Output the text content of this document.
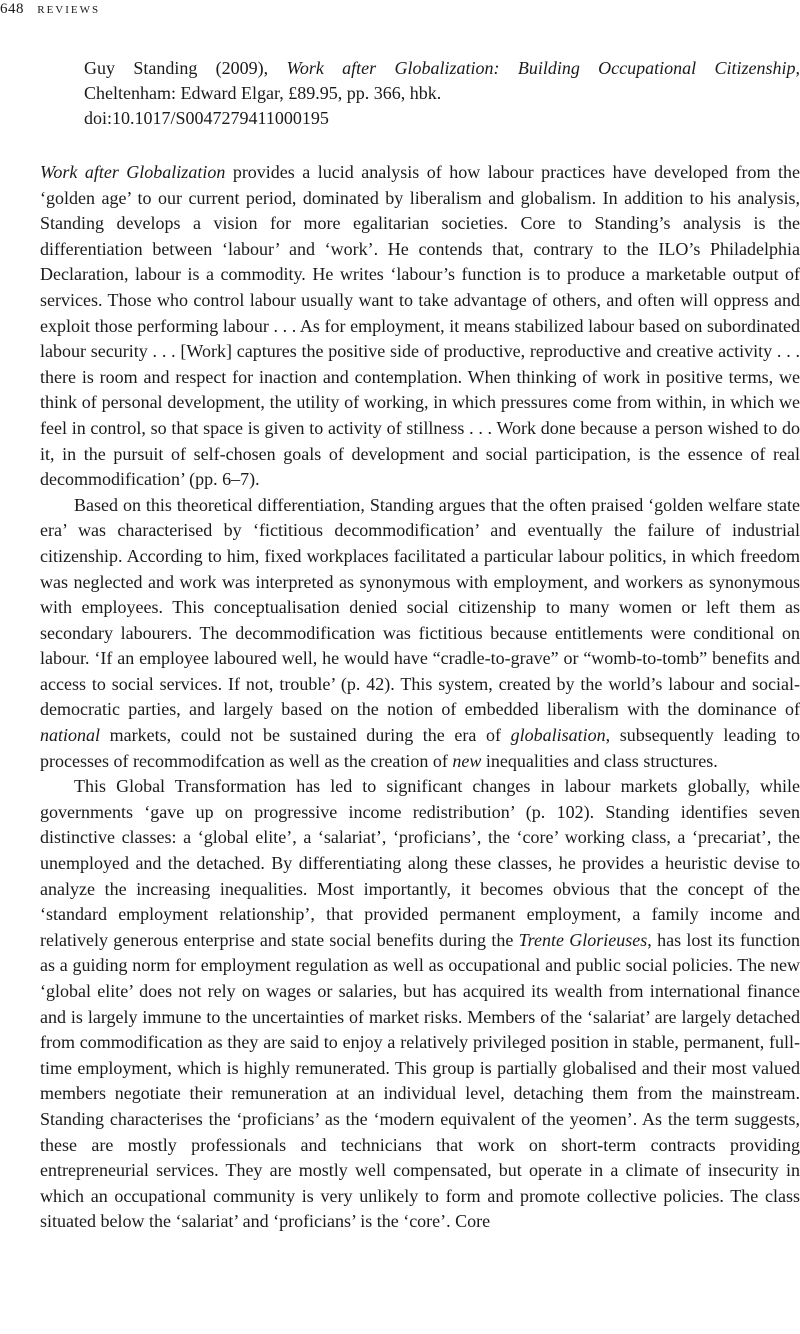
648 reviews
Guy Standing (2009), Work after Globalization: Building Occupational Citizenship,
Cheltenham: Edward Elgar, £89.95, pp. 366, hbk.
doi:10.1017/S0047279411000195

Work after Globalization provides a lucid analysis of how labour practices have developed from the ‘golden age’ to our current period, dominated by liberalism and globalism. In addition to his analysis, Standing develops a vision for more egalitarian societies. Core to Standing’s analysis is the differentiation between ‘labour’ and ‘work’. He contends that, contrary to the ILO’s Philadelphia Declaration, labour is a commodity. He writes ‘labour’s function is to produce a marketable output of services. Those who control labour usually want to take advantage of others, and often will oppress and exploit those performing labour . . . As for employment, it means stabilized labour based on subordinated labour security . . . [Work] captures the positive side of productive, reproductive and creative activity . . . there is room and respect for inaction and contemplation. When thinking of work in positive terms, we think of personal development, the utility of working, in which pressures come from within, in which we feel in control, so that space is given to activity of stillness . . . Work done because a person wished to do it, in the pursuit of self-chosen goals of development and social participation, is the essence of real decommodification’ (pp. 6–7).

Based on this theoretical differentiation, Standing argues that the often praised ‘golden welfare state era’ was characterised by ‘fictitious decommodification’ and eventually the failure of industrial citizenship. According to him, fixed workplaces facilitated a particular labour politics, in which freedom was neglected and work was interpreted as synonymous with employment, and workers as synonymous with employees. This conceptualisation denied social citizenship to many women or left them as secondary labourers. The decommodification was fictitious because entitlements were conditional on labour. ‘If an employee laboured well, he would have “cradle-to-grave” or “womb-to-tomb” benefits and access to social services. If not, trouble’ (p. 42). This system, created by the world’s labour and social-democratic parties, and largely based on the notion of embedded liberalism with the dominance of national markets, could not be sustained during the era of globalisation, subsequently leading to processes of recommodifcation as well as the creation of new inequalities and class structures.

This Global Transformation has led to significant changes in labour markets globally, while governments ‘gave up on progressive income redistribution’ (p. 102). Standing identifies seven distinctive classes: a ‘global elite’, a ‘salariat’, ‘proficians’, the ‘core’ working class, a ‘precariat’, the unemployed and the detached. By differentiating along these classes, he provides a heuristic devise to analyze the increasing inequalities. Most importantly, it becomes obvious that the concept of the ‘standard employment relationship’, that provided permanent employment, a family income and relatively generous enterprise and state social benefits during the Trente Glorieuses, has lost its function as a guiding norm for employment regulation as well as occupational and public social policies. The new ‘global elite’ does not rely on wages or salaries, but has acquired its wealth from international finance and is largely immune to the uncertainties of market risks. Members of the ‘salariat’ are largely detached from commodification as they are said to enjoy a relatively privileged position in stable, permanent, full-time employment, which is highly remunerated. This group is partially globalised and their most valued members negotiate their remuneration at an individual level, detaching them from the mainstream. Standing characterises the ‘proficians’ as the ‘modern equivalent of the yeomen’. As the term suggests, these are mostly professionals and technicians that work on short-term contracts providing entrepreneurial services. They are mostly well compensated, but operate in a climate of insecurity in which an occupational community is very unlikely to form and promote collective policies. The class situated below the ‘salariat’ and ‘proficians’ is the ‘core’. Core
